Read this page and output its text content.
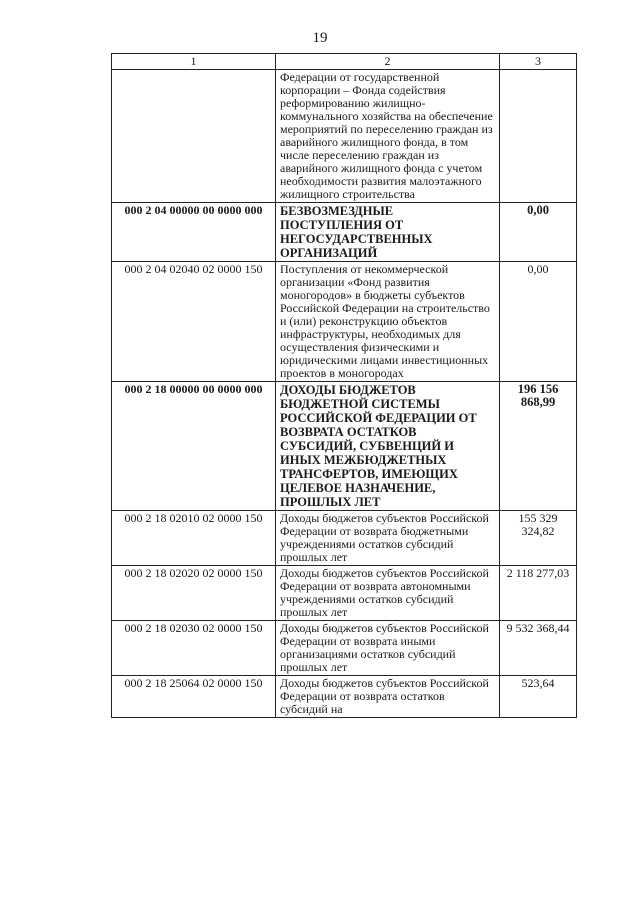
19
1	2	3
	Федерации от государственной корпорации – Фонда содействия реформированию жилищно-коммунального хозяйства на обеспечение мероприятий по переселению граждан из аварийного жилищного фонда, в том числе переселению граждан из аварийного жилищного фонда с учетом необходимости развития малоэтажного жилищного строительства	
000 2 04 00000 00 0000 000	БЕЗВОЗМЕЗДНЫЕ ПОСТУПЛЕНИЯ ОТ НЕГОСУДАРСТВЕННЫХ ОРГАНИЗАЦИЙ	0,00
000 2 04 02040 02 0000 150	Поступления от некоммерческой организации «Фонд развития моногородов» в бюджеты субъектов Российской Федерации на строительство и (или) реконструкцию объектов инфраструктуры, необходимых для осуществления физическими и юридическими лицами инвестиционных проектов в моногородах	0,00
000 2 18 00000 00 0000 000	ДОХОДЫ БЮДЖЕТОВ БЮДЖЕТНОЙ СИСТЕМЫ РОССИЙСКОЙ ФЕДЕРАЦИИ ОТ ВОЗВРАТА ОСТАТКОВ СУБСИДИЙ, СУБВЕНЦИЙ И ИНЫХ МЕЖБЮДЖЕТНЫХ ТРАНСФЕРТОВ, ИМЕЮЩИХ ЦЕЛЕВОЕ НАЗНАЧЕНИЕ, ПРОШЛЫХ ЛЕТ	196 156 868,99
000 2 18 02010 02 0000 150	Доходы бюджетов субъектов Российской Федерации от возврата бюджетными учреждениями остатков субсидий прошлых лет	155 329 324,82
000 2 18 02020 02 0000 150	Доходы бюджетов субъектов Российской Федерации от возврата автономными учреждениями остатков субсидий прошлых лет	2 118 277,03
000 2 18 02030 02 0000 150	Доходы бюджетов субъектов Российской Федерации от возврата иными организациями остатков субсидий прошлых лет	9 532 368,44
000 2 18 25064 02 0000 150	Доходы бюджетов субъектов Российской Федерации от возврата остатков субсидий на	523,64
